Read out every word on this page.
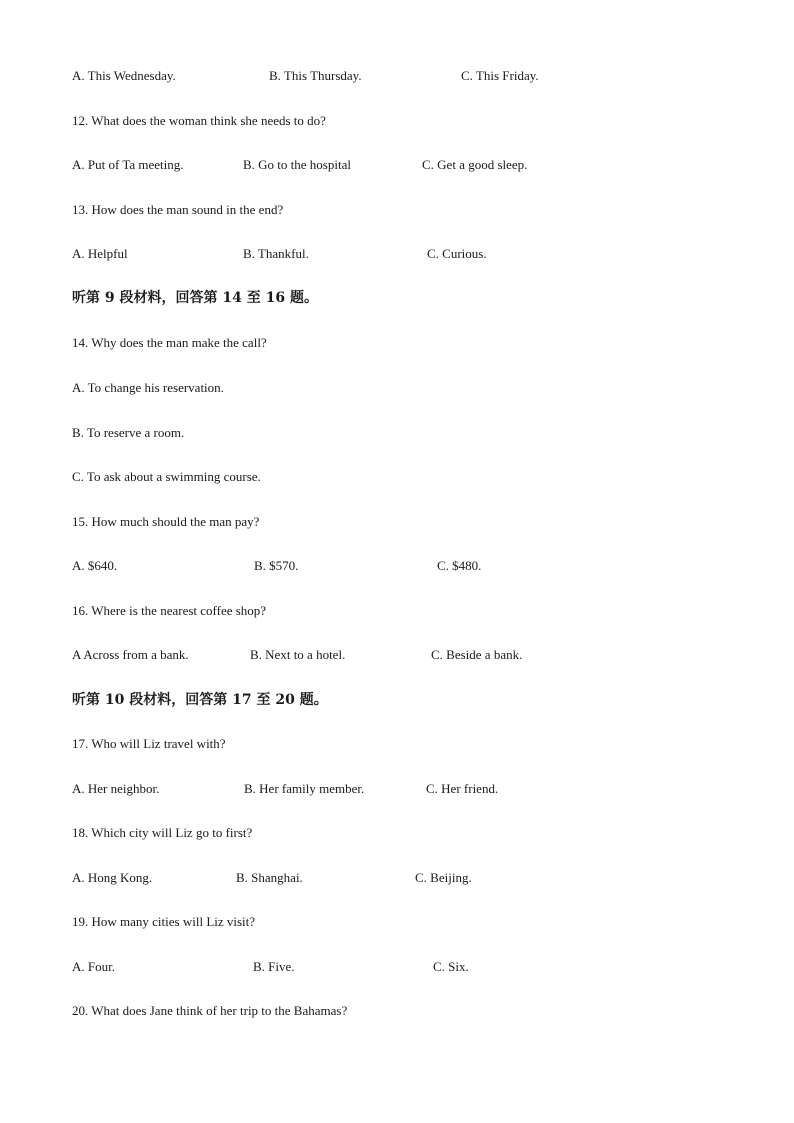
A. This Wednesday.	B. This Thursday.	C. This Friday.
12. What does the woman think she needs to do?
A. Put of Ta meeting.	B. Go to the hospital	C. Get a good sleep.
13. How does the man sound in the end?
A. Helpful	B. Thankful.	C. Curious.
听第 9 段材料，回答第 14 至 16 题。
14. Why does the man make the call?
A. To change his reservation.
B. To reserve a room.
C. To ask about a swimming course.
15. How much should the man pay?
A. $640.	B. $570.	C. $480.
16. Where is the nearest coffee shop?
A Across from a bank.	B. Next to a hotel.	C. Beside a bank.
听第 10 段材料，回答第 17 至 20 题。
17. Who will Liz travel with?
A. Her neighbor.	B. Her family member.	C. Her friend.
18. Which city will Liz go to first?
A. Hong Kong.	B. Shanghai.	C. Beijing.
19. How many cities will Liz visit?
A. Four.	B. Five.	C. Six.
20. What does Jane think of her trip to the Bahamas?
